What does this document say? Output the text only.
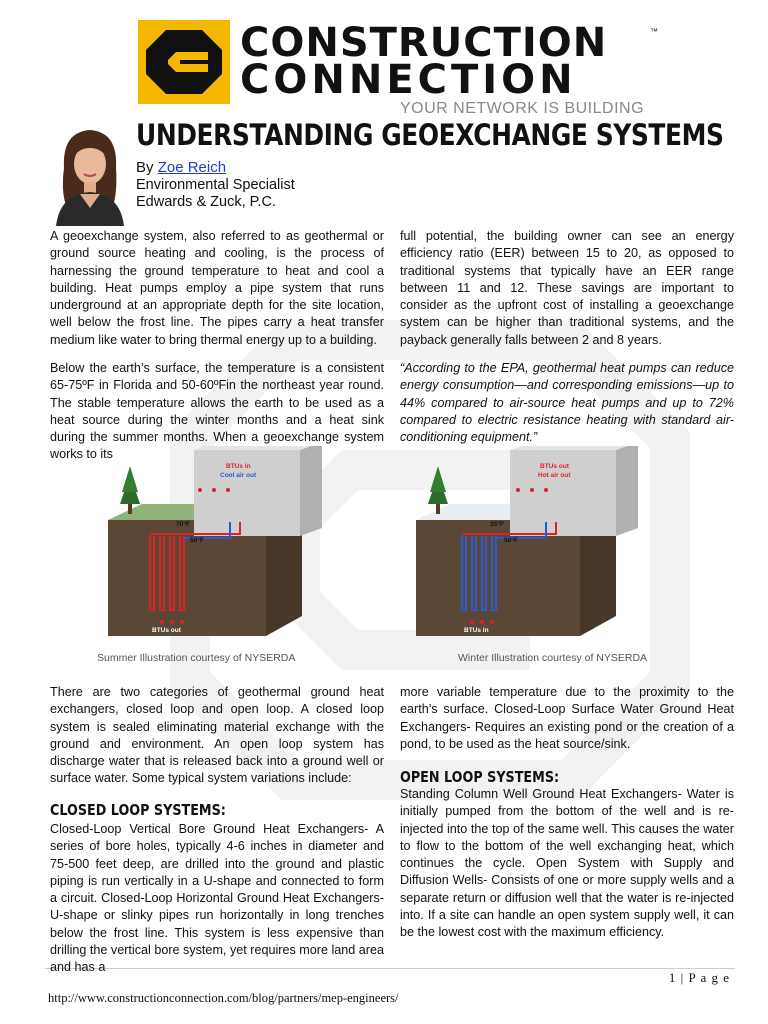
CONSTRUCTION
CONNECTION
™
YOUR NETWORK IS BUILDING
UNDERSTANDING GEOEXCHANGE SYSTEMS
By Zoe Reich
Environmental Specialist
Edwards & Zuck, P.C.

A geoexchange system, also referred to as geothermal or ground source heating and cooling, is the process of harnessing the ground temperature to heat and cool a building. Heat pumps employ a pipe system that runs underground at an appropriate depth for the site location, well below the frost line. The pipes carry a heat transfer medium like water to bring thermal energy up to a building.

Below the earth’s surface, the temperature is a consistent 65-75ºF in Florida and 50-60ºFin the northeast year round. The stable temperature allows the earth to be used as a heat source during the winter months and a heat sink during the summer months. When a geoexchange system works to its

full potential, the building owner can see an energy efficiency ratio (EER) between 15 to 20, as opposed to traditional systems that typically have an EER range between 11 and 12. These savings are important to consider as the upfront cost of installing a geoexchange system can be higher than traditional systems, and the payback generally falls between 2 and 8 years.

“According to the EPA, geothermal heat pumps can reduce energy consumption—and corresponding emissions—up to 44% compared to air-source heat pumps and up to 72% compared to electric resistance heating with standard air-conditioning equipment.”

BTUs in
Cool air out
70°F
50°F
BTUs out
Summer Illustration courtesy of NYSERDA
BTUs out
Hot air out
35°F
50°F
BTUs in
Winter Illustration courtesy of NYSERDA

There are two categories of geothermal ground heat exchangers, closed loop and open loop. A closed loop system is sealed eliminating material exchange with the ground and environment. An open loop system has discharge water that is released back into a ground well or surface water. Some typical system variations include:

CLOSED LOOP SYSTEMS:

Closed-Loop Vertical Bore Ground Heat Exchangers- A series of bore holes, typically 4-6 inches in diameter and 75-500 feet deep, are drilled into the ground and plastic piping is run vertically in a U-shape and connected to form a circuit. Closed-Loop Horizontal Ground Heat Exchangers- U-shape or slinky pipes run horizontally in long trenches below the frost line. This system is less expensive than drilling the vertical bore system, yet requires more land area and has a

more variable temperature due to the proximity to the earth’s surface. Closed-Loop Surface Water Ground Heat Exchangers- Requires an existing pond or the creation of a pond, to be used as the heat source/sink.

OPEN LOOP SYSTEMS:

Standing Column Well Ground Heat Exchangers- Water is initially pumped from the bottom of the well and is re-injected into the top of the same well. This causes the water to flow to the bottom of the well exchanging heat, which continues the cycle. Open System with Supply and Diffusion Wells- Consists of one or more supply wells and a separate return or diffusion well that the water is re-injected into. If a site can handle an open system supply well, it can be the lowest cost with the maximum efficiency.

1 | P a g e
http://www.constructionconnection.com/blog/partners/mep-engineers/
